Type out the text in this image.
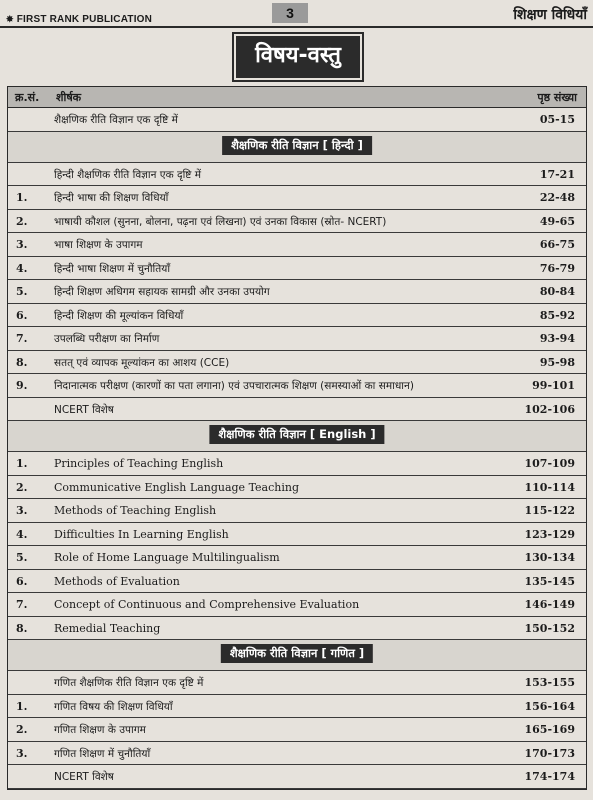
✸ FIRST RANK PUBLICATION	3	शिक्षण विधियाँ
विषय-वस्तु
क्र.सं. शीर्षक	पृष्ठ संख्या
शैक्षणिक रीति विज्ञान एक दृष्टि में	05-15
शैक्षणिक रीति विज्ञान [ हिन्दी ]
हिन्दी शैक्षणिक रीति विज्ञान एक दृष्टि में	17-21
1.	हिन्दी भाषा की शिक्षण विधियाँ	22-48
2.	भाषायी कौशल (सुनना, बोलना, पढ़ना एवं लिखना) एवं उनका विकास (स्रोत- NCERT)	49-65
3.	भाषा शिक्षण के उपागम	66-75
4.	हिन्दी भाषा शिक्षण में चुनौतियाँ	76-79
5.	हिन्दी शिक्षण अधिगम सहायक सामग्री और उनका उपयोग	80-84
6.	हिन्दी शिक्षण की मूल्यांकन विधियाँ	85-92
7.	उपलब्धि परीक्षण का निर्माण	93-94
8.	सतत् एवं व्यापक मूल्यांकन का आशय (CCE)	95-98
9.	निदानात्मक परीक्षण (कारणों का पता लगाना) एवं उपचारात्मक शिक्षण (समस्याओं का समाधान)	99-101
NCERT विशेष	102-106
शैक्षणिक रीति विज्ञान [ English ]
1.	Principles of Teaching English	107-109
2.	Communicative English Language Teaching	110-114
3.	Methods of Teaching English	115-122
4.	Difficulties In Learning English	123-129
5.	Role of Home Language Multilingualism	130-134
6.	Methods of Evaluation	135-145
7.	Concept of Continuous and Comprehensive Evaluation	146-149
8.	Remedial Teaching	150-152
शैक्षणिक रीति विज्ञान [ गणित ]
गणित शैक्षणिक रीति विज्ञान एक दृष्टि में	153-155
1.	गणित विषय की शिक्षण विधियाँ	156-164
2.	गणित शिक्षण के उपागम	165-169
3.	गणित शिक्षण में चुनौतियाँ	170-173
NCERT विशेष	174-174
